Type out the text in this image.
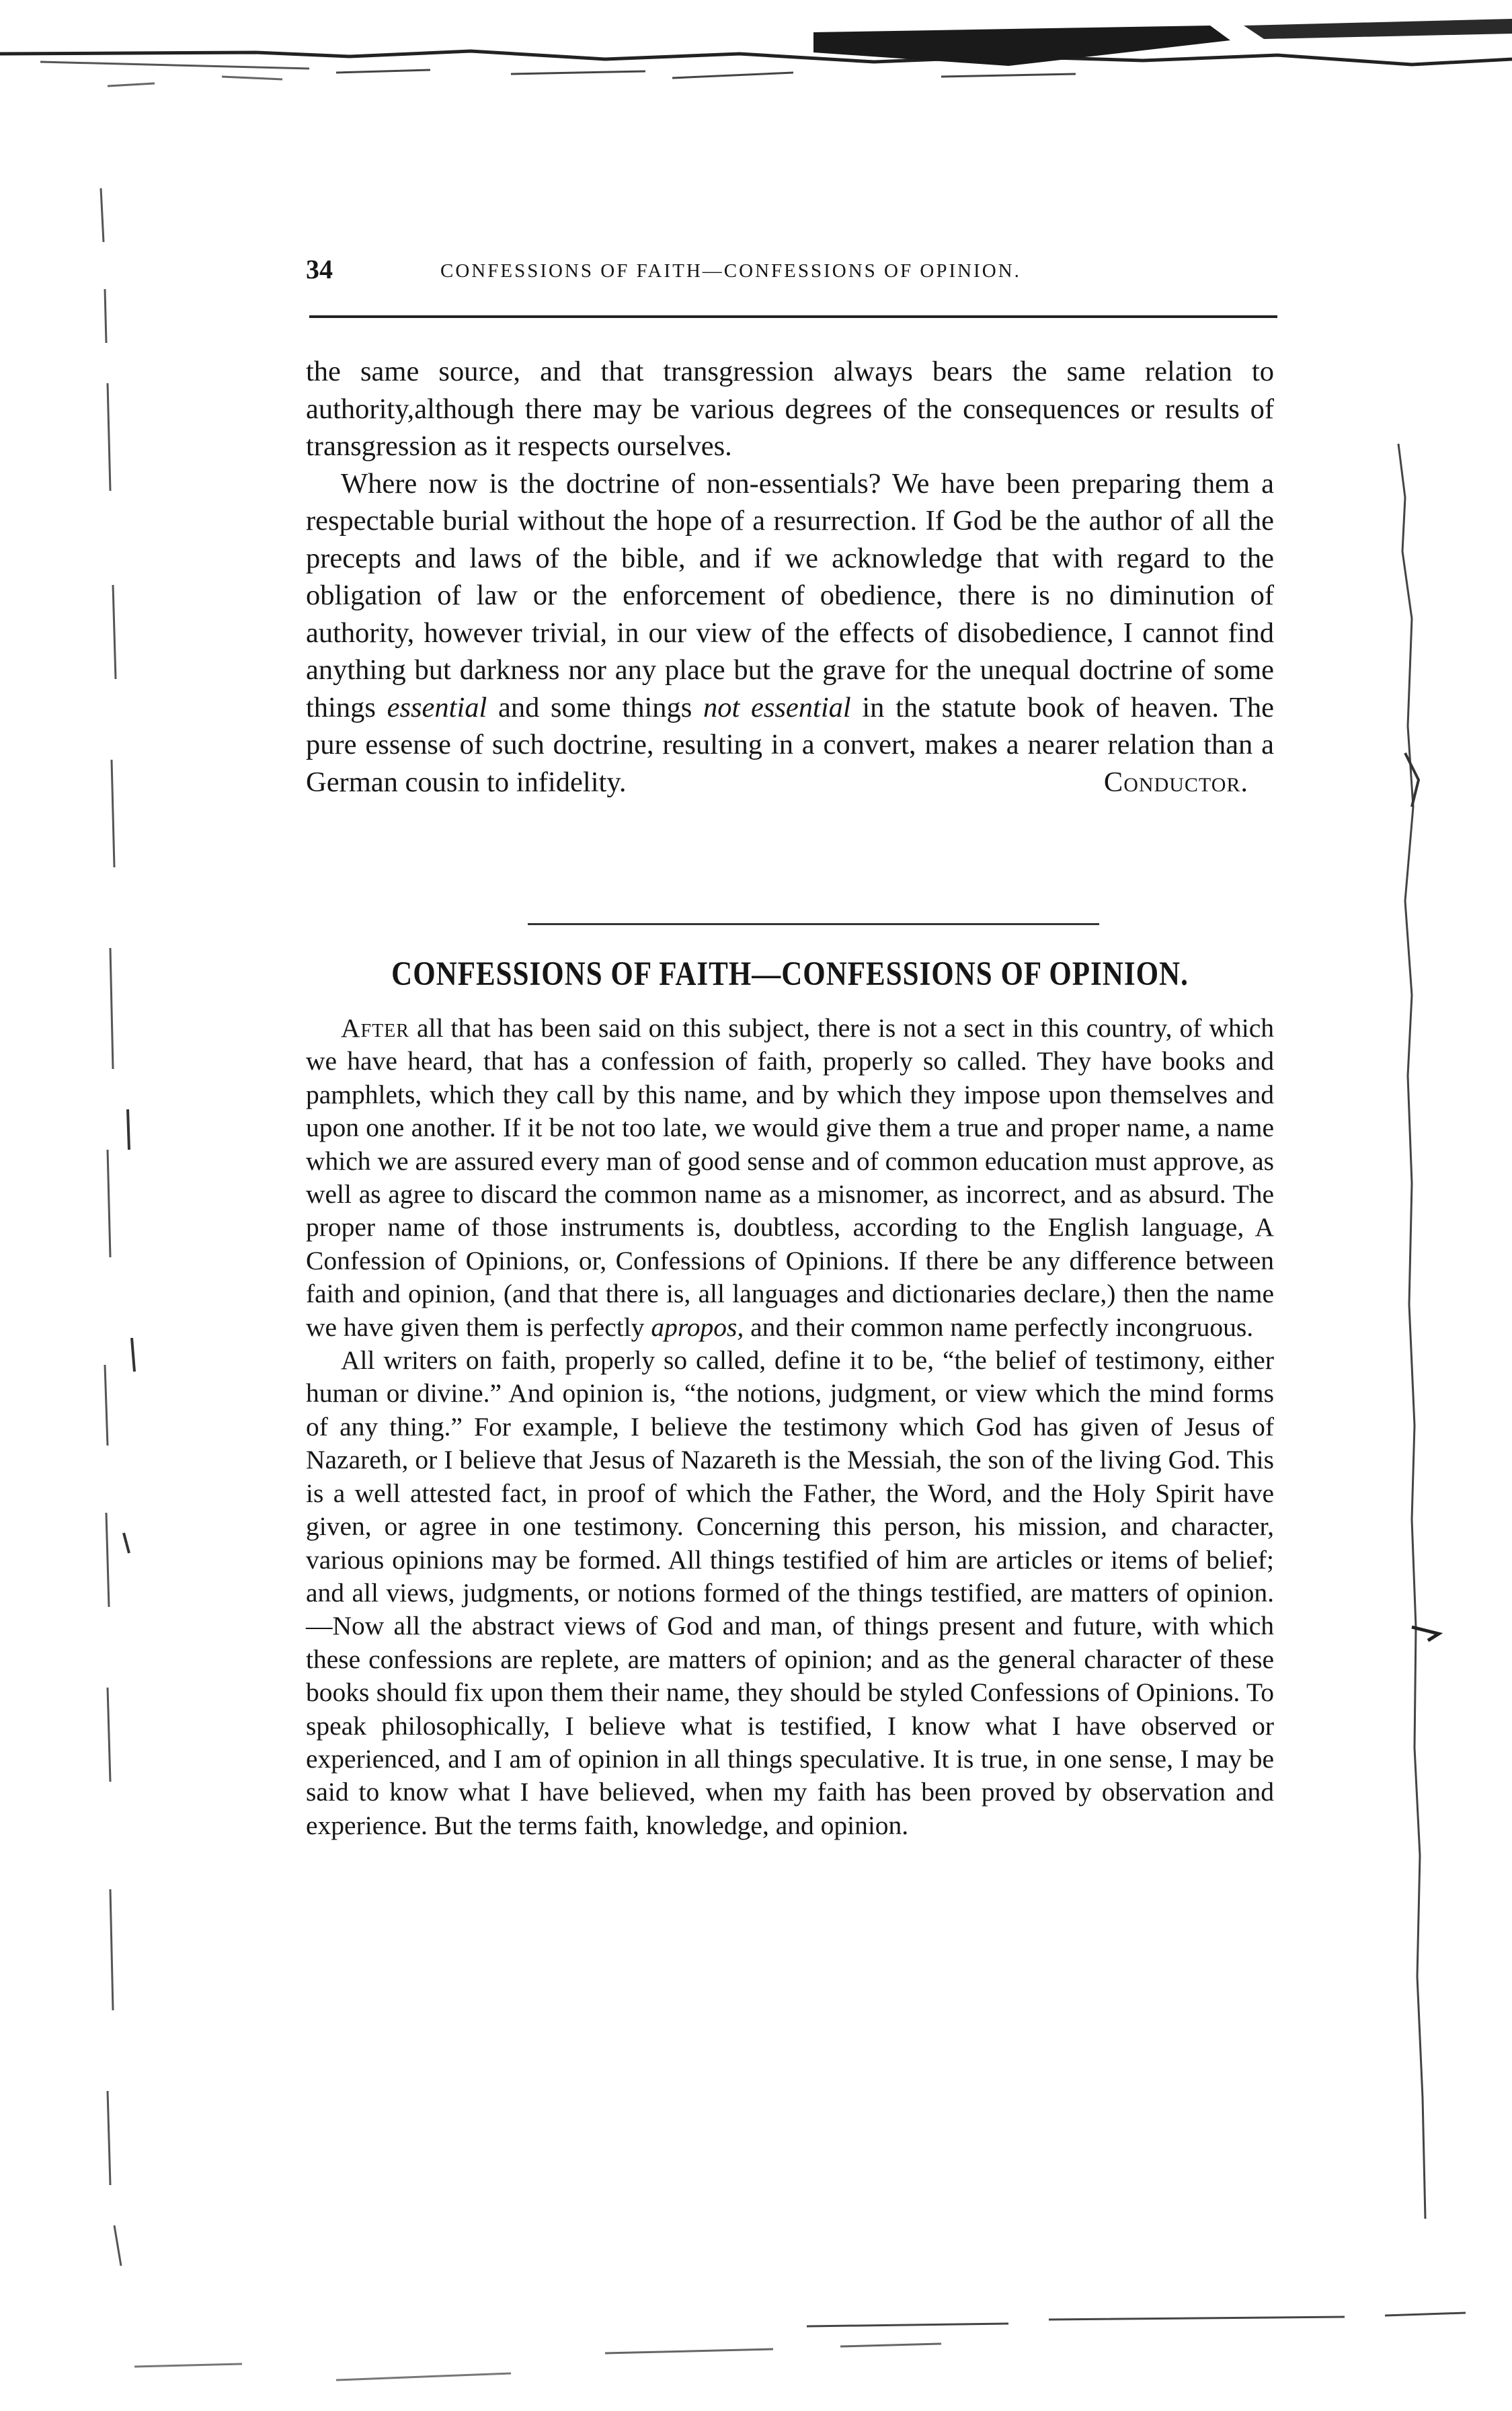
34	CONFESSIONS OF FAITH—CONFESSIONS OF OPINION.

the same source, and that transgression always bears the same relation to authority,although there may be various degrees of the consequences or results of transgression as it respects ourselves.

Where now is the doctrine of non-essentials? We have been preparing them a respectable burial without the hope of a resurrection. If God be the author of all the precepts and laws of the bible, and if we acknowledge that with regard to the obligation of law or the enforcement of obedience, there is no diminution of authority, however trivial, in our view of the effects of disobedience, I cannot find anything but darkness nor any place but the grave for the unequal doctrine of some things essential and some things not essential in the statute book of heaven. The pure essense of such doctrine, resulting in a convert, makes a nearer relation than a German cousin to infidelity.	Conductor.

CONFESSIONS OF FAITH—CONFESSIONS OF OPINION.

After all that has been said on this subject, there is not a sect in this country, of which we have heard, that has a confession of faith, properly so called. They have books and pamphlets, which they call by this name, and by which they impose upon themselves and upon one another. If it be not too late, we would give them a true and proper name, a name which we are assured every man of good sense and of common education must approve, as well as agree to discard the common name as a misnomer, as incorrect, and as absurd. The proper name of those instruments is, doubtless, according to the English language, A Confession of Opinions, or, Confessions of Opinions. If there be any difference between faith and opinion, (and that there is, all languages and dictionaries declare,) then the name we have given them is perfectly apropos, and their common name perfectly incongruous.

All writers on faith, properly so called, define it to be, “the belief of testimony, either human or divine.” And opinion is, “the notions, judgment, or view which the mind forms of any thing.” For example, I believe the testimony which God has given of Jesus of Nazareth, or I believe that Jesus of Nazareth is the Messiah, the son of the living God. This is a well attested fact, in proof of which the Father, the Word, and the Holy Spirit have given, or agree in one testimony. Concerning this person, his mission, and character, various opinions may be formed. All things testified of him are articles or items of belief; and all views, judgments, or notions formed of the things testified, are matters of opinion.—Now all the abstract views of God and man, of things present and future, with which these confessions are replete, are matters of opinion; and as the general character of these books should fix upon them their name, they should be styled Confessions of Opinions. To speak philosophically, I believe what is testified, I know what I have observed or experienced, and I am of opinion in all things speculative. It is true, in one sense, I may be said to know what I have believed, when my faith has been proved by observation and experience. But the terms faith, knowledge, and opinion.
